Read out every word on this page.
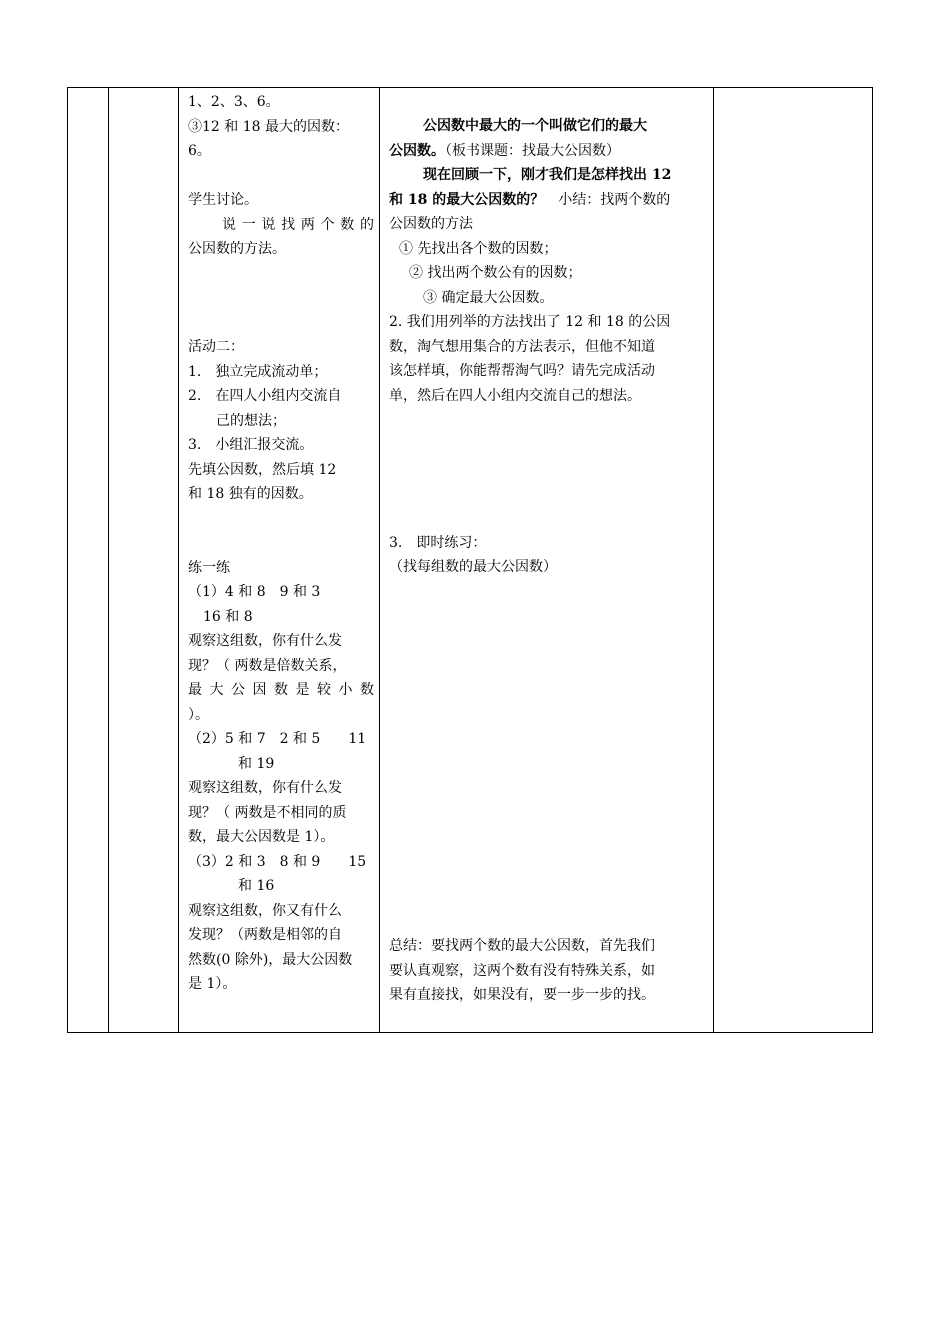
1、2、3、6。
③12 和 18 最大的因数：
6。
学生讨论。
说一说找两个数的
公因数的方法。
活动二：
1.　独立完成流动单；
2.　在四人小组内交流自
己的想法；
3.　小组汇报交流。
先填公因数，然后填 12
和 18 独有的因数。
练一练
（1）4 和 8　9 和 3
16 和 8
观察这组数，你有什么发
现？（ 两数是倍数关系，
最 大 公 因 数 是 较 小 数
）。
（2）5 和 7　2 和 5　　11
和 19
观察这组数，你有什么发
现？（ 两数是不相同的质
数，最大公因数是 1）。
（3）2 和 3　8 和 9　　15
和 16
观察这组数，你又有什么
发现？（两数是相邻的自
然数(0 除外)，最大公因数
是 1）。
公因数中最大的一个叫做它们的最大
公因数。（板书课题：找最大公因数）
现在回顾一下，刚才我们是怎样找出 12
和 18 的最大公因数的？　小结：找两个数的
公因数的方法
① 先找出各个数的因数；
② 找出两个数公有的因数；
③ 确定最大公因数。
2. 我们用列举的方法找出了 12 和 18 的公因
数，淘气想用集合的方法表示，但他不知道
该怎样填，你能帮帮淘气吗？请先完成活动
单，然后在四人小组内交流自己的想法。
3.　即时练习：
（找每组数的最大公因数）
总结：要找两个数的最大公因数，首先我们
要认真观察，这两个数有没有特殊关系，如
果有直接找，如果没有，要一步一步的找。
